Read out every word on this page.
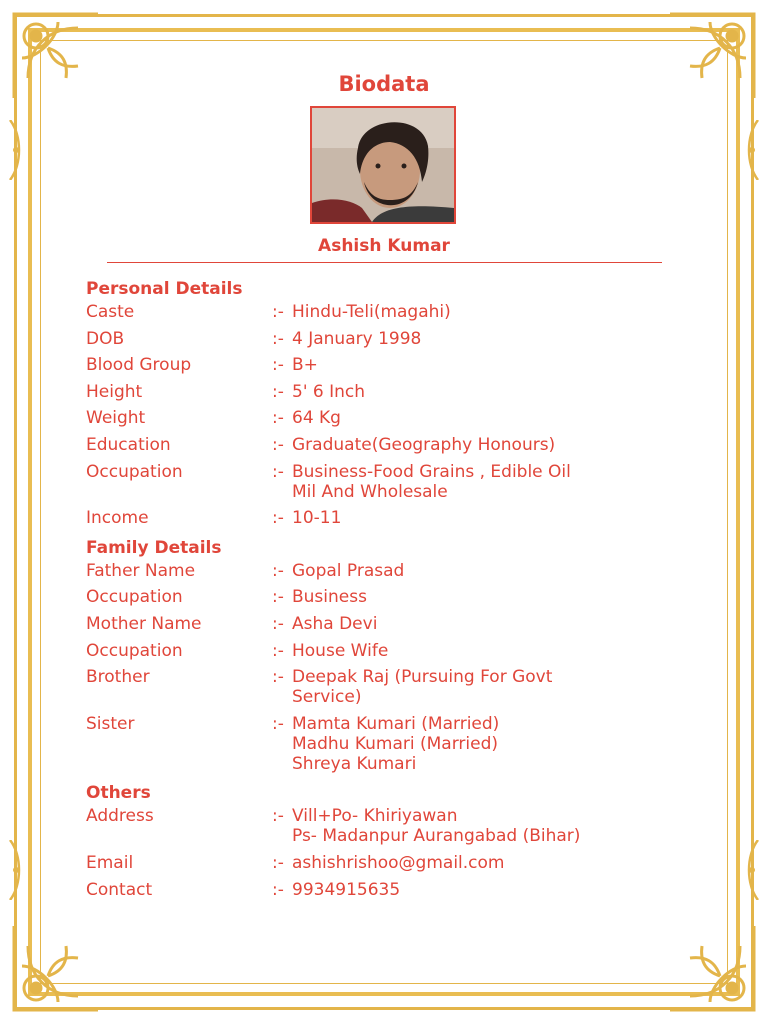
Biodata
Ashish Kumar
Personal Details
Caste	:- Hindu-Teli(magahi)
DOB	:- 4 January 1998
Blood Group	:- B+
Height	:- 5' 6 Inch
Weight	:- 64 Kg
Education	:- Graduate(Geography Honours)
Occupation	:- Business-Food Grains , Edible Oil
Mil And Wholesale
Income	:- 10-11
Family Details
Father Name	:- Gopal Prasad
Occupation	:- Business
Mother Name	:- Asha Devi
Occupation	:- House Wife
Brother	:- Deepak Raj (Pursuing For Govt
Service)
Sister	:- Mamta Kumari (Married)
Madhu Kumari (Married)
Shreya Kumari
Others
Address	:- Vill+Po- Khiriyawan
Ps- Madanpur Aurangabad (Bihar)
Email	:- ashishrishoo@gmail.com
Contact	:- 9934915635
